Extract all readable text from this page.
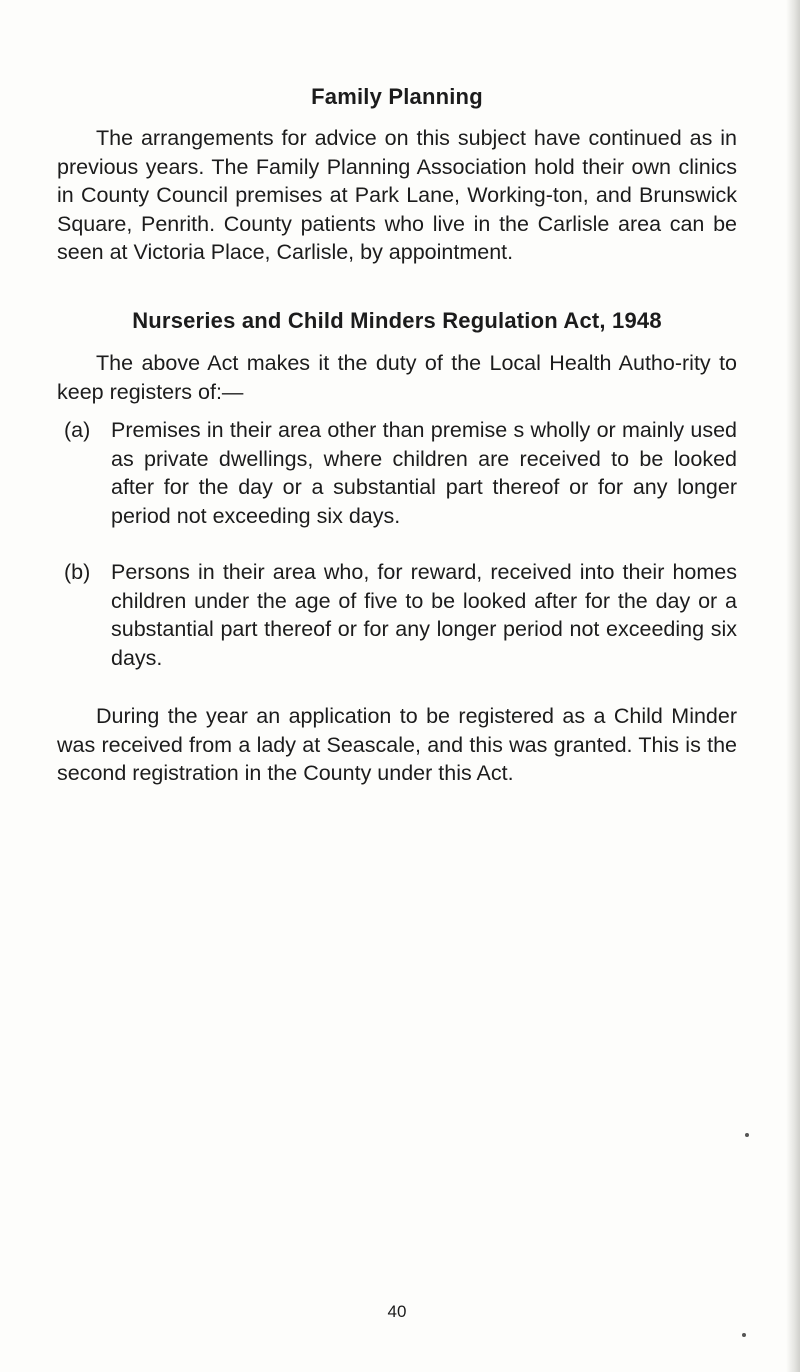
Family Planning

The arrangements for advice on this subject have continued as in previous years. The Family Planning Association hold their own clinics in County Council premises at Park Lane, Working-ton, and Brunswick Square, Penrith. County patients who live in the Carlisle area can be seen at Victoria Place, Carlisle, by appointment.

Nurseries and Child Minders Regulation Act, 1948

The above Act makes it the duty of the Local Health Autho-rity to keep registers of:—

(a) Premises in their area other than premise s wholly or mainly used as private dwellings, where children are received to be looked after for the day or a substantial part thereof or for any longer period not exceeding six days.
(b) Persons in their area who, for reward, received into their homes children under the age of five to be looked after for the day or a substantial part thereof or for any longer period not exceeding six days.

During the year an application to be registered as a Child Minder was received from a lady at Seascale, and this was granted. This is the second registration in the County under this Act.

40
